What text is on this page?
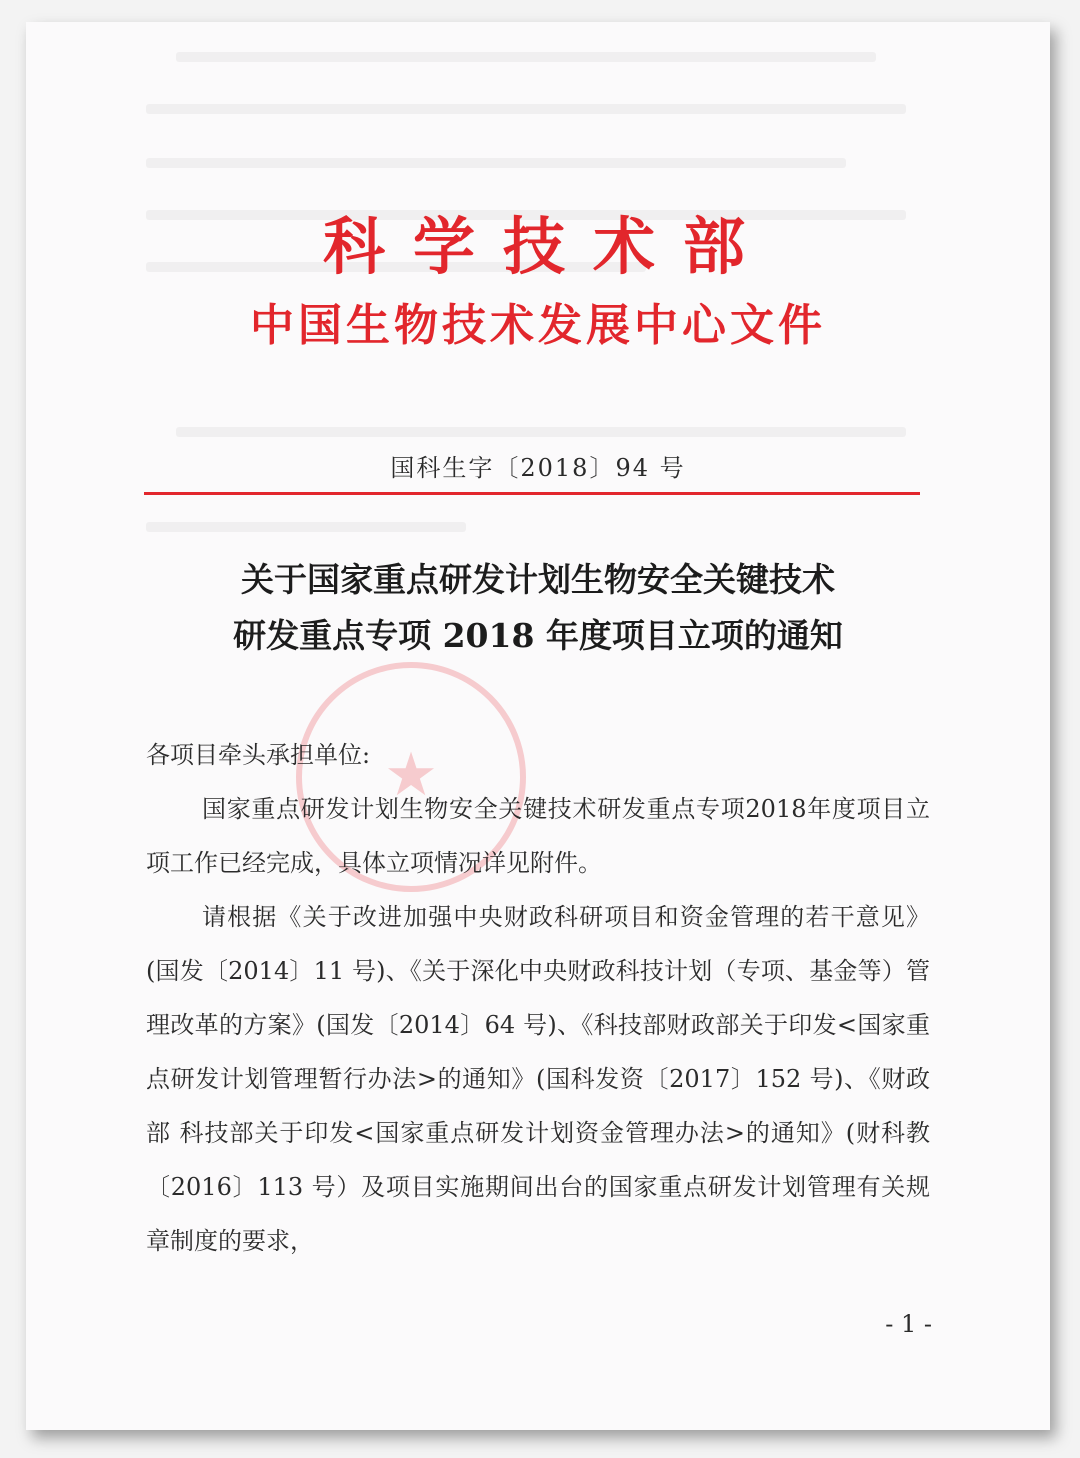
科学技术部
中国生物技术发展中心文件
国科生字〔2018〕94 号
关于国家重点研发计划生物安全关键技术
研发重点专项 2018 年度项目立项的通知
★

各项目牵头承担单位:

国家重点研发计划生物安全关键技术研发重点专项2018年度项目立项工作已经完成，具体立项情况详见附件。

请根据《关于改进加强中央财政科研项目和资金管理的若干意见》(国发〔2014〕11 号)、《关于深化中央财政科技计划（专项、基金等）管理改革的方案》(国发〔2014〕64 号)、《科技部财政部关于印发<国家重点研发计划管理暂行办法>的通知》(国科发资〔2017〕152 号)、《财政部 科技部关于印发<国家重点研发计划资金管理办法>的通知》(财科教〔2016〕113 号）及项目实施期间出台的国家重点研发计划管理有关规章制度的要求，

- 1 -
